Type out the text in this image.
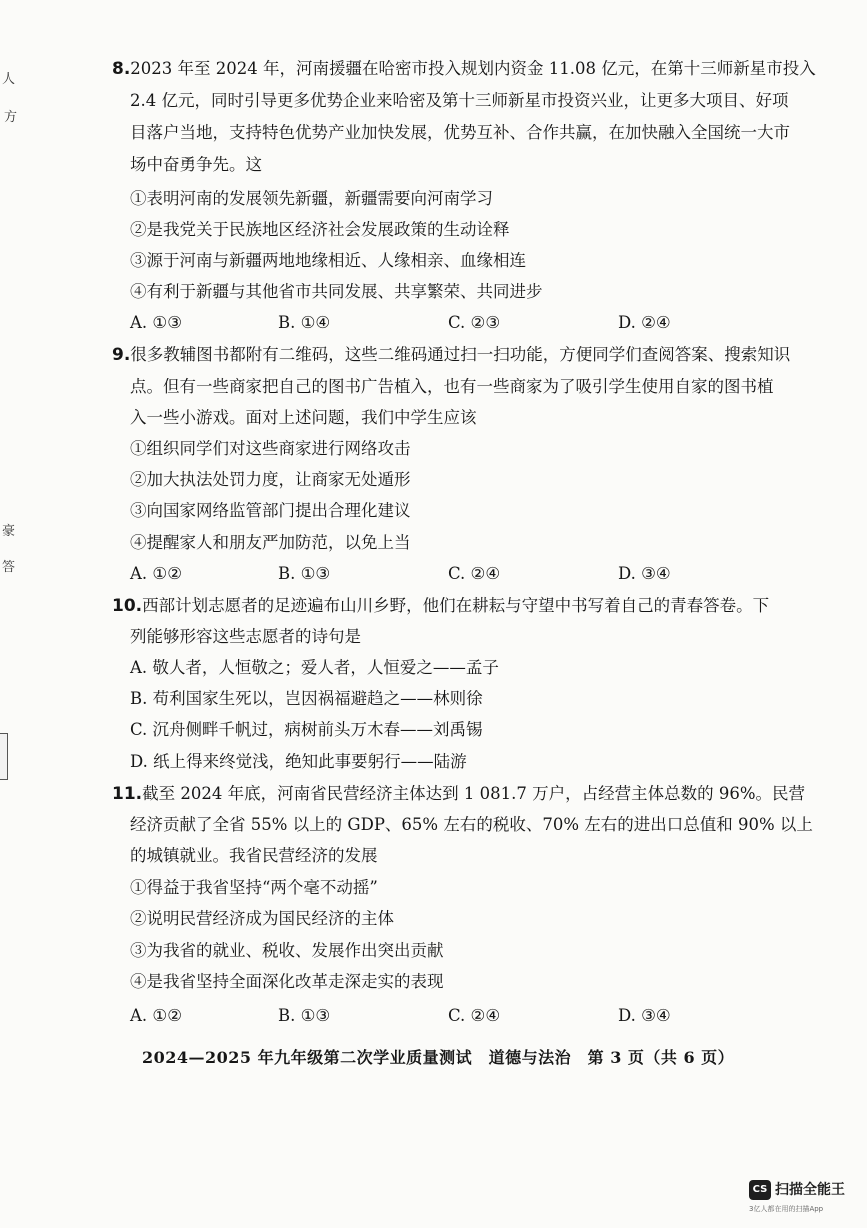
人
方
豪
答
8.2023 年至 2024 年，河南援疆在哈密市投入规划内资金 11.08 亿元，在第十三师新星市投入
2.4 亿元，同时引导更多优势企业来哈密及第十三师新星市投资兴业，让更多大项目、好项
目落户当地，支持特色优势产业加快发展，优势互补、合作共赢，在加快融入全国统一大市
场中奋勇争先。这
①表明河南的发展领先新疆，新疆需要向河南学习
②是我党关于民族地区经济社会发展政策的生动诠释
③源于河南与新疆两地地缘相近、人缘相亲、血缘相连
④有利于新疆与其他省市共同发展、共享繁荣、共同进步
A. ①③	B. ①④	C. ②③	D. ②④
9.很多教辅图书都附有二维码，这些二维码通过扫一扫功能，方便同学们查阅答案、搜索知识
点。但有一些商家把自己的图书广告植入，也有一些商家为了吸引学生使用自家的图书植
入一些小游戏。面对上述问题，我们中学生应该
①组织同学们对这些商家进行网络攻击
②加大执法处罚力度，让商家无处遁形
③向国家网络监管部门提出合理化建议
④提醒家人和朋友严加防范，以免上当
A. ①②	B. ①③	C. ②④	D. ③④
10.西部计划志愿者的足迹遍布山川乡野，他们在耕耘与守望中书写着自己的青春答卷。下
列能够形容这些志愿者的诗句是
A. 敬人者，人恒敬之；爱人者，人恒爱之——孟子
B. 苟利国家生死以，岂因祸福避趋之——林则徐
C. 沉舟侧畔千帆过，病树前头万木春——刘禹锡
D. 纸上得来终觉浅，绝知此事要躬行——陆游
11.截至 2024 年底，河南省民营经济主体达到 1 081.7 万户，占经营主体总数的 96%。民营
经济贡献了全省 55% 以上的 GDP、65% 左右的税收、70% 左右的进出口总值和 90% 以上
的城镇就业。我省民营经济的发展
①得益于我省坚持“两个毫不动摇”
②说明民营经济成为国民经济的主体
③为我省的就业、税收、发展作出突出贡献
④是我省坚持全面深化改革走深走实的表现
A. ①②	B. ①③	C. ②④	D. ③④
2024—2025 年九年级第二次学业质量测试　道德与法治　第 3 页（共 6 页）
CS 扫描全能王
3亿人都在用的扫描App
